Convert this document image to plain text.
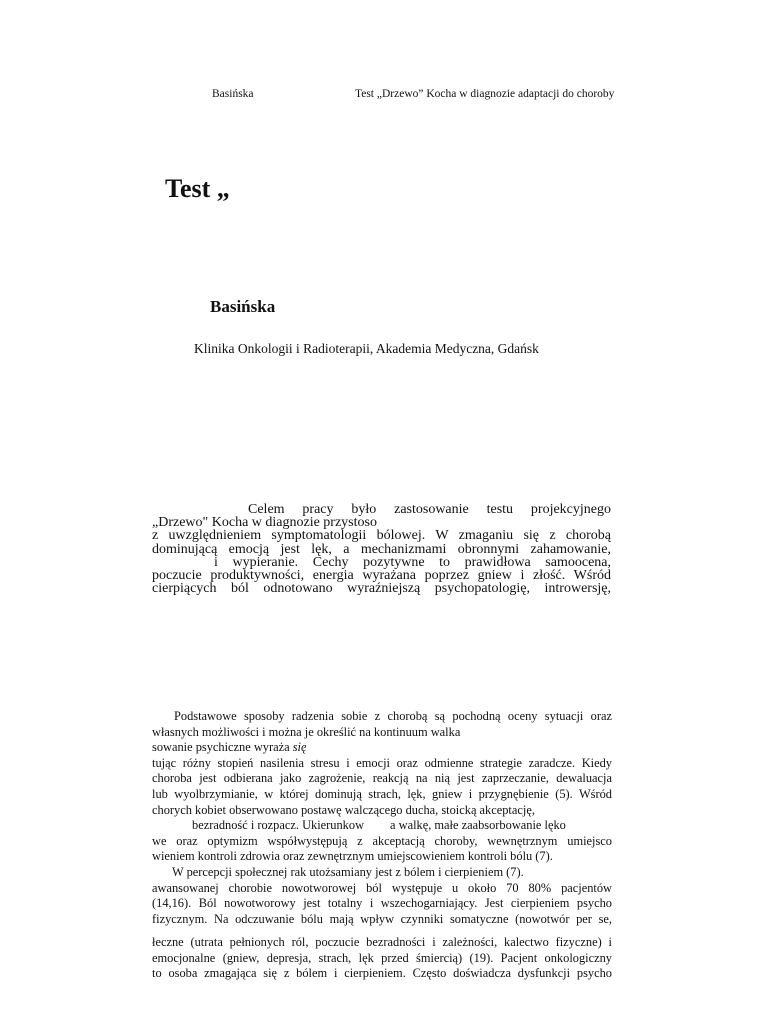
Basińska	Test „Drzewo” Kocha w diagnozie adaptacji do choroby
Test „
Basińska
Klinika Onkologii i Radioterapii, Akademia Medyczna, Gdańsk
Celem pracy było zastosowanie testu projekcyjnego
„Drzewo" Kocha w diagnozie przystoso
z uwzględnieniem symptomatologii bólowej. W zmaganiu się z chorobą
dominującą emocją jest lęk, a mechanizmami obronnymi zahamowanie,
i wypieranie. Cechy pozytywne to prawidłowa samoocena,
poczucie produktywności, energia wyrażana poprzez gniew i złość. Wśród
cierpiących ból odnotowano wyraźniejszą psychopatologię, introwersję,
Podstawowe sposoby radzenia sobie z chorobą są pochodną oceny sytuacji oraz
własnych możliwości i można je określić na kontinuum walka
sowanie psychiczne wyraża się
tując różny stopień nasilenia stresu i emocji oraz odmienne strategie zaradcze. Kiedy
choroba jest odbierana jako zagrożenie, reakcją na nią jest zaprzeczanie, dewaluacja
lub wyolbrzymianie, w której dominują strach, lęk, gniew i przygnębienie (5). Wśród
chorych kobiet obserwowano postawę walczącego ducha, stoicką akceptację,
bezradność i rozpacz. Ukierunkow a walkę, małe zaabsorbowanie lęko
we oraz optymizm współwystępują z akceptacją choroby, wewnętrznym umiejsco
wieniem kontroli zdrowia oraz zewnętrznym umiejscowieniem kontroli bólu (7).
W percepcji społecznej rak utożsamiany jest z bólem i cierpieniem (7).
awansowanej chorobie nowotworowej ból występuje u około 70 80% pacjentów
(14,16). Ból nowotworowy jest totalny i wszechogarniający. Jest cierpieniem psycho
fizycznym. Na odczuwanie bólu mają wpływ czynniki somatyczne (nowotwór per se,
łeczne (utrata pełnionych ról, poczucie bezradności i zależności, kalectwo fizyczne) i
emocjonalne (gniew, depresja, strach, lęk przed śmiercią) (19). Pacjent onkologiczny
to osoba zmagająca się z bólem i cierpieniem. Często doświadcza dysfunkcji psycho
